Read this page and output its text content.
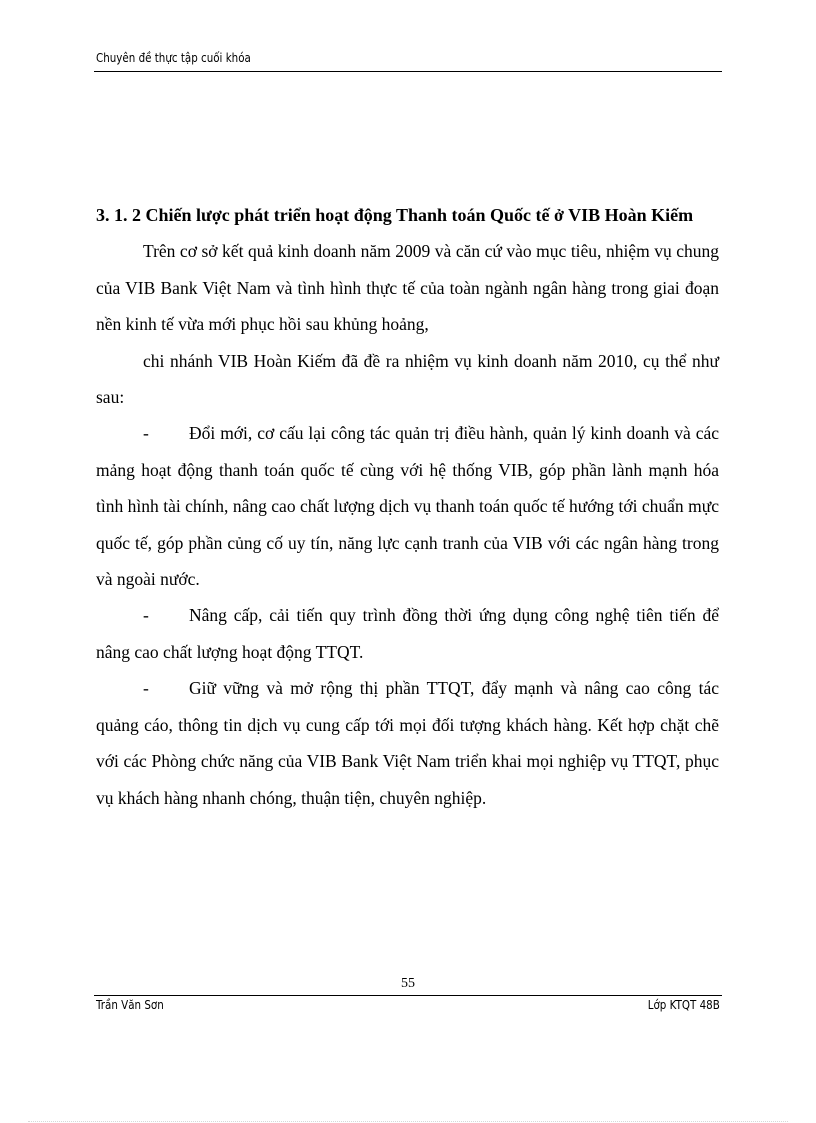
Chuyên đề thực tập cuối khóa

3. 1. 2 Chiến lược phát triển hoạt động Thanh toán Quốc tế ở VIB Hoàn Kiếm

Trên cơ sở kết quả kinh doanh năm 2009 và căn cứ vào mục tiêu, nhiệm vụ chung của VIB Bank Việt Nam và tình hình thực tế của toàn ngành ngân hàng trong giai đoạn nền kinh tế vừa mới phục hồi sau khủng hoảng,

chi nhánh VIB Hoàn Kiếm đã đề ra nhiệm vụ kinh doanh năm 2010, cụ thể như sau:

- Đổi mới, cơ cấu lại công tác quản trị điều hành, quản lý kinh doanh và các mảng hoạt động thanh toán quốc tế cùng với hệ thống VIB, góp phần lành mạnh hóa tình hình tài chính, nâng cao chất lượng dịch vụ thanh toán quốc tế hướng tới chuẩn mực quốc tế, góp phần củng cố uy tín, năng lực cạnh tranh của VIB với các ngân hàng trong và ngoài nước.

- Nâng cấp, cải tiến quy trình đồng thời ứng dụng công nghệ tiên tiến để nâng cao chất lượng hoạt động TTQT.

- Giữ vững và mở rộng thị phần TTQT, đẩy mạnh và nâng cao công tác quảng cáo, thông tin dịch vụ cung cấp tới mọi đối tượng khách hàng. Kết hợp chặt chẽ với các Phòng chức năng của VIB Bank Việt Nam triển khai mọi nghiệp vụ TTQT, phục vụ khách hàng nhanh chóng, thuận tiện, chuyên nghiệp.

55
Trần Văn Sơn	Lớp KTQT 48B
